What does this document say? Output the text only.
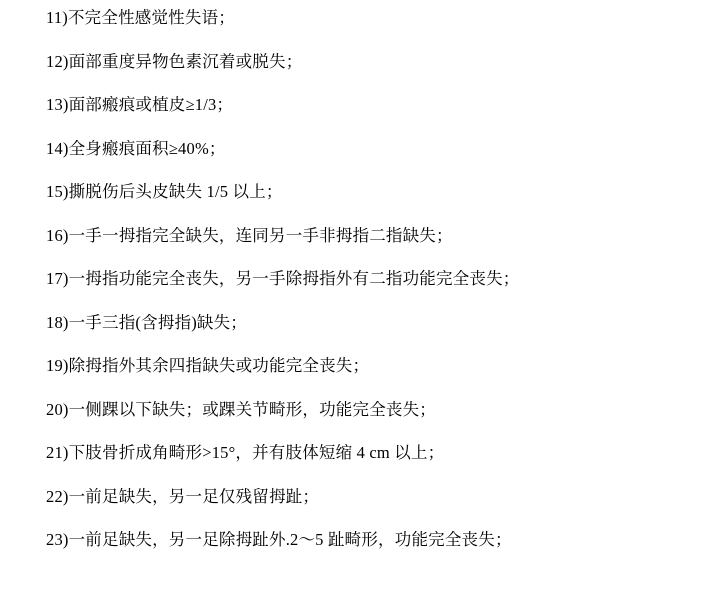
11)不完全性感觉性失语；

12)面部重度异物色素沉着或脱失；

13)面部瘢痕或植皮≥1/3；

14)全身瘢痕面积≥40%；

15)撕脱伤后头皮缺失 1/5 以上；

16)一手一拇指完全缺失，连同另一手非拇指二指缺失；

17)一拇指功能完全丧失，另一手除拇指外有二指功能完全丧失；

18)一手三指(含拇指)缺失；

19)除拇指外其余四指缺失或功能完全丧失；

20)一侧踝以下缺失；或踝关节畸形，功能完全丧失；

21)下肢骨折成角畸形>15°，并有肢体短缩 4 cm 以上；

22)一前足缺失，另一足仅残留拇趾；

23)一前足缺失，另一足除拇趾外.2～5 趾畸形，功能完全丧失；
